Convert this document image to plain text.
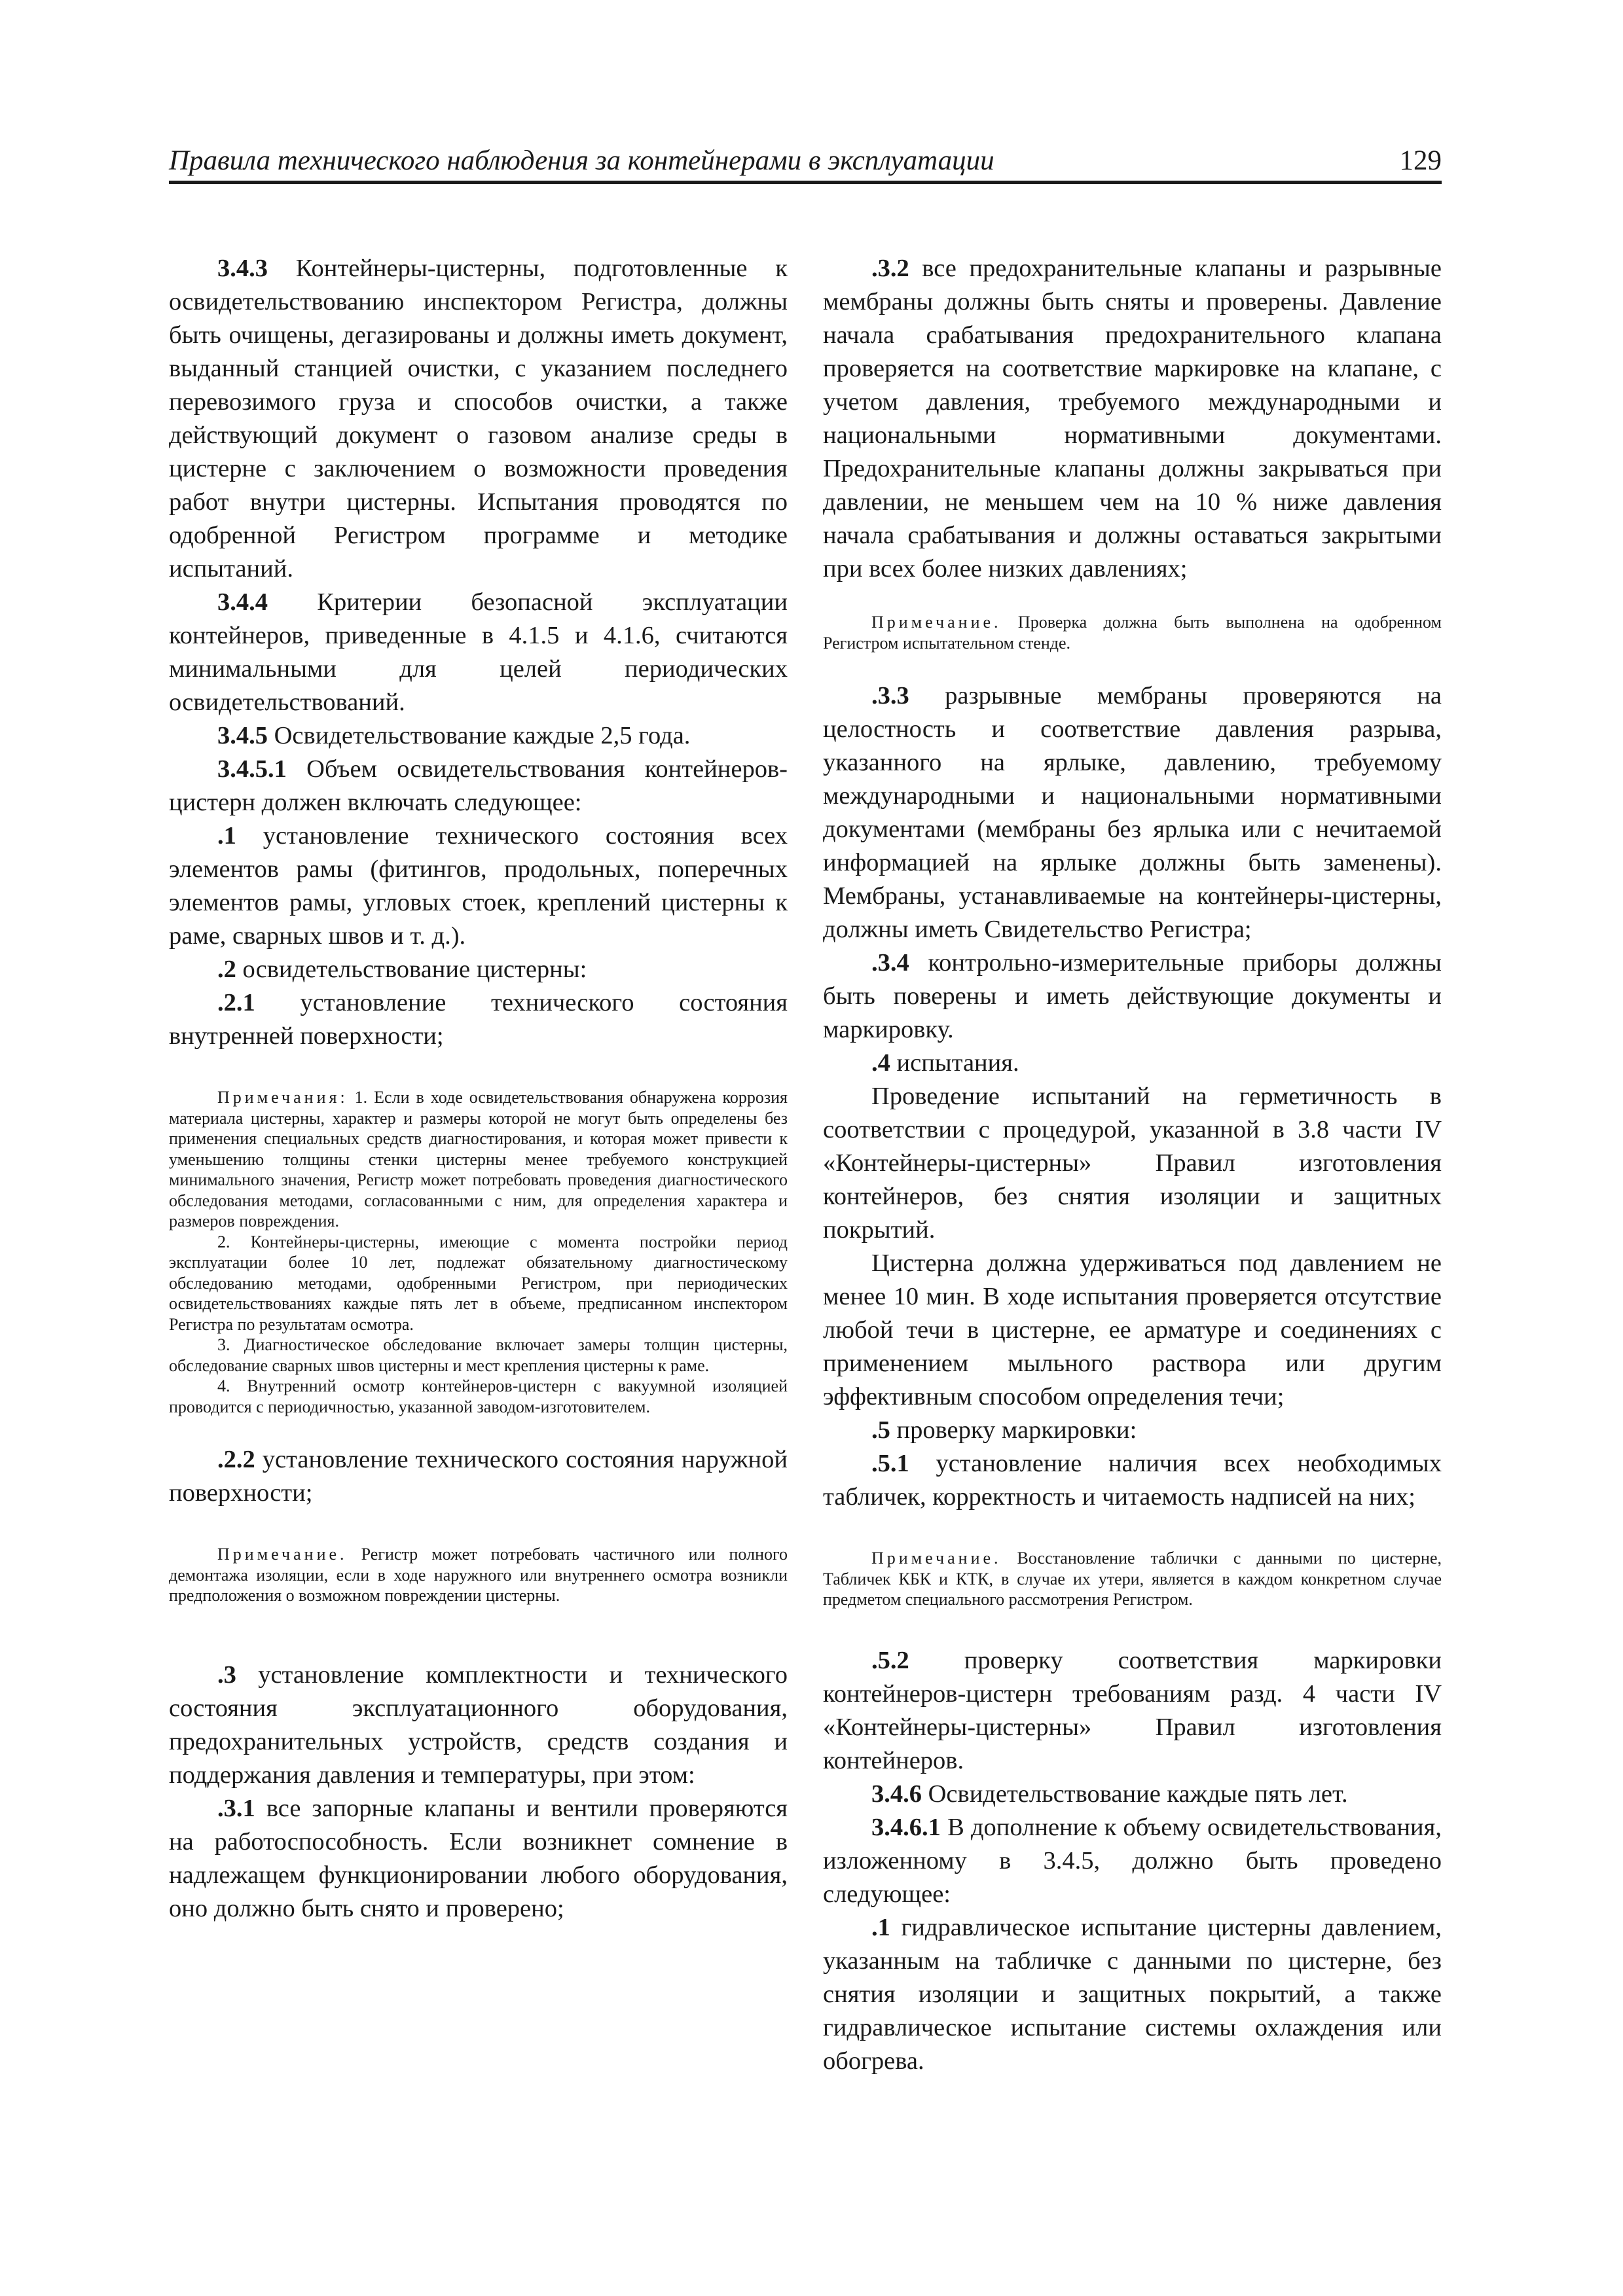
Правила технического наблюдения за контейнерами в эксплуатации	129

3.4.3 Контейнеры-цистерны, подготовленные к освидетельствованию инспектором Регистра, должны быть очищены, дегазированы и должны иметь документ, выданный станцией очистки, с указанием последнего перевозимого груза и способов очистки, а также действующий документ о газовом анализе среды в цистерне с заключением о возможности проведения работ внутри цистерны. Испытания проводятся по одобренной Регистром программе и методике испытаний.

3.4.4 Критерии безопасной эксплуатации контейнеров, приведенные в 4.1.5 и 4.1.6, считаются минимальными для целей периодических освидетельствований.

3.4.5 Освидетельствование каждые 2,5 года.

3.4.5.1 Объем освидетельствования контейнеров-цистерн должен включать следующее:

.1 установление технического состояния всех элементов рамы (фитингов, продольных, поперечных элементов рамы, угловых стоек, креплений цистерны к раме, сварных швов и т. д.).

.2 освидетельствование цистерны:

.2.1 установление технического состояния внутренней поверхности;

Примечания: 1. Если в ходе освидетельствования обнаружена коррозия материала цистерны, характер и размеры которой не могут быть определены без применения специальных средств диагностирования, и которая может привести к уменьшению толщины стенки цистерны менее требуемого конструкцией минимального значения, Регистр может потребовать проведения диагностического обследования методами, согласованными с ним, для определения характера и размеров повреждения.

2. Контейнеры-цистерны, имеющие с момента постройки период эксплуатации более 10 лет, подлежат обязательному диагностическому обследованию методами, одобренными Регистром, при периодических освидетельствованиях каждые пять лет в объеме, предписанном инспектором Регистра по результатам осмотра.

3. Диагностическое обследование включает замеры толщин цистерны, обследование сварных швов цистерны и мест крепления цистерны к раме.

4. Внутренний осмотр контейнеров-цистерн с вакуумной изоляцией проводится с периодичностью, указанной заводом-изготовителем.

.2.2 установление технического состояния наружной поверхности;

Примечание. Регистр может потребовать частичного или полного демонтажа изоляции, если в ходе наружного или внутреннего осмотра возникли предположения о возможном повреждении цистерны.

.3 установление комплектности и технического состояния эксплуатационного оборудования, предохранительных устройств, средств создания и поддержания давления и температуры, при этом:

.3.1 все запорные клапаны и вентили проверяются на работоспособность. Если возникнет сомнение в надлежащем функционировании любого оборудования, оно должно быть снято и проверено;

.3.2 все предохранительные клапаны и разрывные мембраны должны быть сняты и проверены. Давление начала срабатывания предохранительного клапана проверяется на соответствие маркировке на клапане, с учетом давления, требуемого международными и национальными нормативными документами. Предохранительные клапаны должны закрываться при давлении, не меньшем чем на 10 % ниже давления начала срабатывания и должны оставаться закрытыми при всех более низких давлениях;

Примечание. Проверка должна быть выполнена на одобренном Регистром испытательном стенде.

.3.3 разрывные мембраны проверяются на целостность и соответствие давления разрыва, указанного на ярлыке, давлению, требуемому международными и национальными нормативными документами (мембраны без ярлыка или с нечитаемой информацией на ярлыке должны быть заменены). Мембраны, устанавливаемые на контейнеры-цистерны, должны иметь Свидетельство Регистра;

.3.4 контрольно-измерительные приборы должны быть поверены и иметь действующие документы и маркировку.

.4 испытания.

Проведение испытаний на герметичность в соответствии с процедурой, указанной в 3.8 части IV «Контейнеры-цистерны» Правил изготовления контейнеров, без снятия изоляции и защитных покрытий.

Цистерна должна удерживаться под давлением не менее 10 мин. В ходе испытания проверяется отсутствие любой течи в цистерне, ее арматуре и соединениях с применением мыльного раствора или другим эффективным способом определения течи;

.5 проверку маркировки:

.5.1 установление наличия всех необходимых табличек, корректность и читаемость надписей на них;

Примечание. Восстановление таблички с данными по цистерне, Табличек КБК и КТК, в случае их утери, является в каждом конкретном случае предметом специального рассмотрения Регистром.

.5.2 проверку соответствия маркировки контейнеров-цистерн требованиям разд. 4 части IV «Контейнеры-цистерны» Правил изготовления контейнеров.

3.4.6 Освидетельствование каждые пять лет.

3.4.6.1 В дополнение к объему освидетельствования, изложенному в 3.4.5, должно быть проведено следующее:

.1 гидравлическое испытание цистерны давлением, указанным на табличке с данными по цистерне, без снятия изоляции и защитных покрытий, а также гидравлическое испытание системы охлаждения или обогрева.
